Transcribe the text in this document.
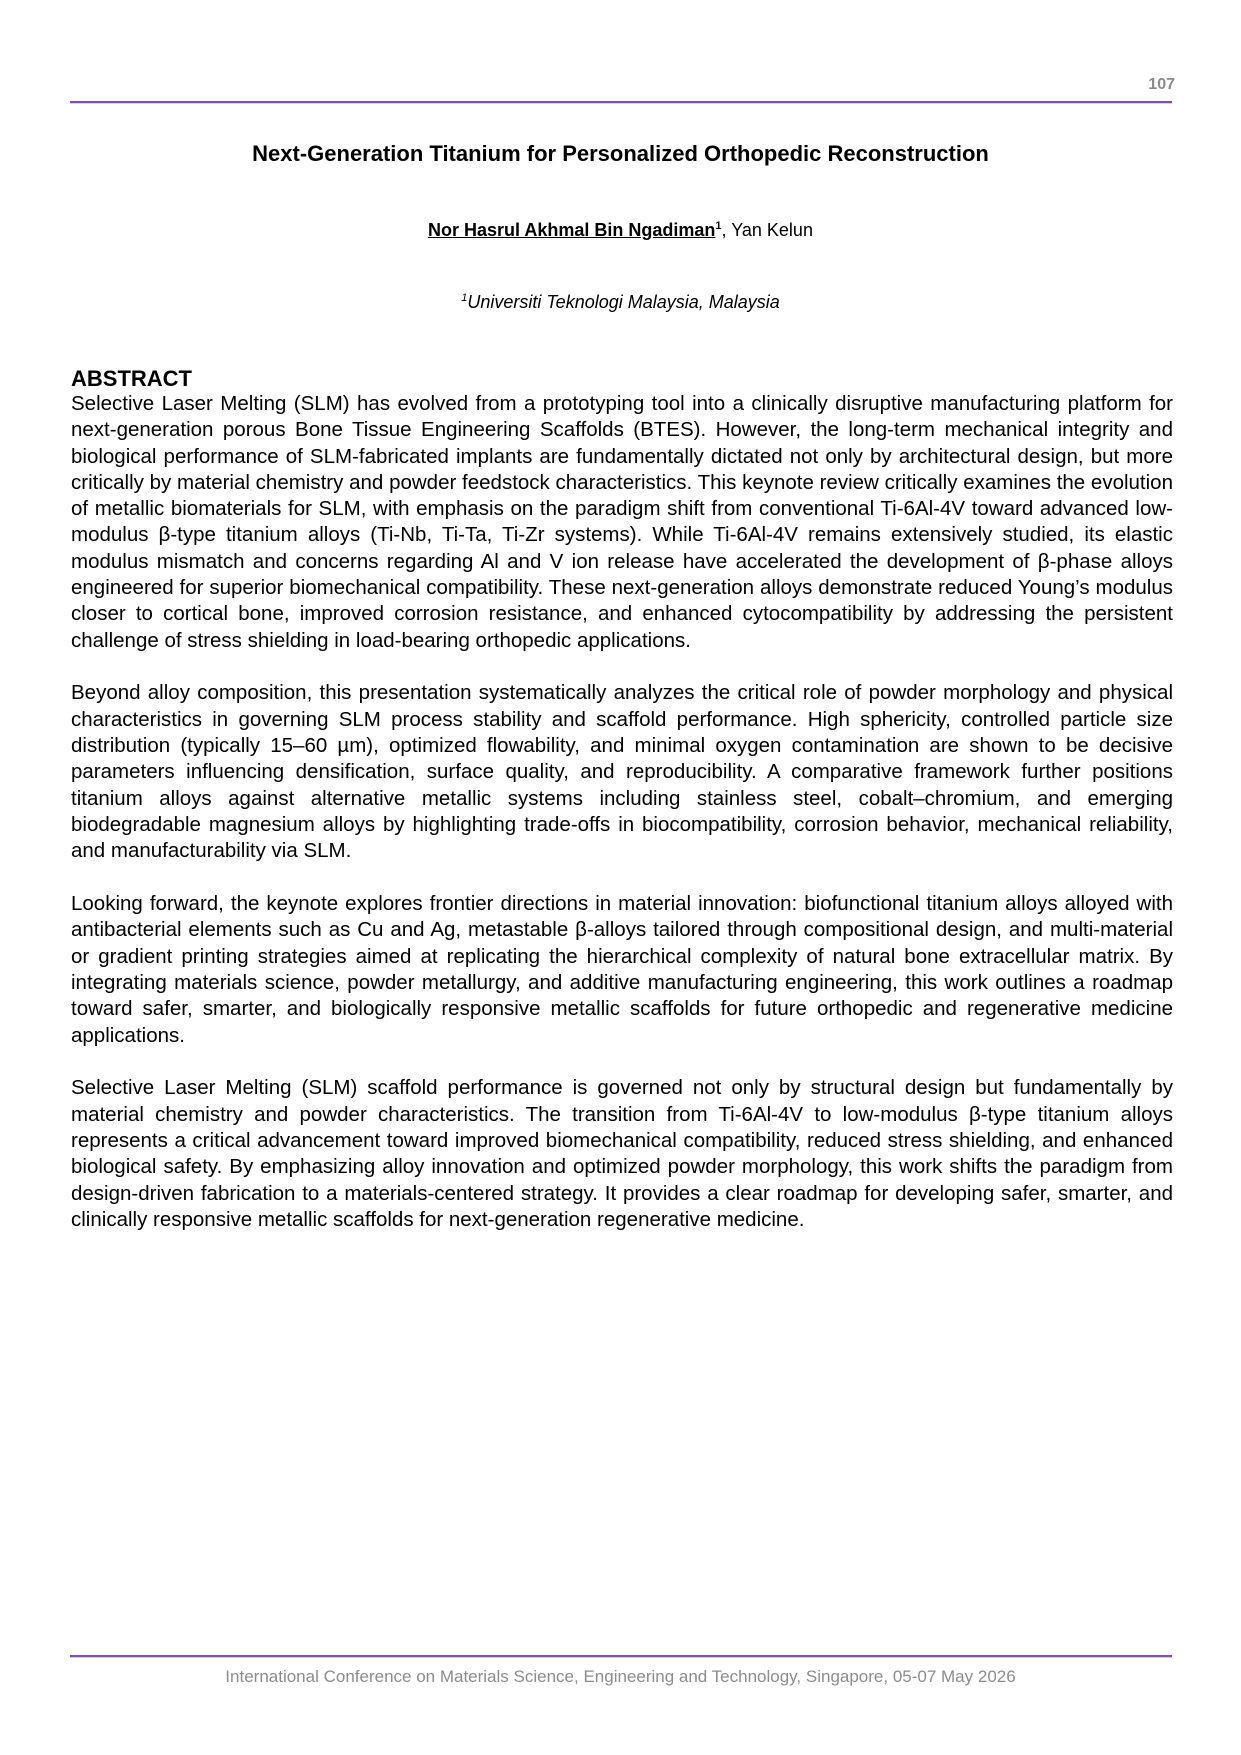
107
Next-Generation Titanium for Personalized Orthopedic Reconstruction
Nor Hasrul Akhmal Bin Ngadiman$^1$, Yan Kelun
$^1$Universiti Teknologi Malaysia, Malaysia
ABSTRACT

Selective Laser Melting (SLM) has evolved from a prototyping tool into a clinically disruptive manufacturing platform for next-generation porous Bone Tissue Engineering Scaffolds (BTES). However, the long-term mechanical integrity and biological performance of SLM-fabricated implants are fundamentally dictated not only by architectural design, but more critically by material chemistry and powder feedstock characteristics. This keynote review critically examines the evolution of metallic biomaterials for SLM, with emphasis on the paradigm shift from conventional Ti-6Al-4V toward advanced low-modulus β-type titanium alloys (Ti-Nb, Ti-Ta, Ti-Zr systems). While Ti-6Al-4V remains extensively studied, its elastic modulus mismatch and concerns regarding Al and V ion release have accelerated the development of β-phase alloys engineered for superior biomechanical compatibility. These next-generation alloys demonstrate reduced Young’s modulus closer to cortical bone, improved corrosion resistance, and enhanced cytocompatibility by addressing the persistent challenge of stress shielding in load-bearing orthopedic applications.

Beyond alloy composition, this presentation systematically analyzes the critical role of powder morphology and physical characteristics in governing SLM process stability and scaffold performance. High sphericity, controlled particle size distribution (typically 15–60 µm), optimized flowability, and minimal oxygen contamination are shown to be decisive parameters influencing densification, surface quality, and reproducibility. A comparative framework further positions titanium alloys against alternative metallic systems including stainless steel, cobalt–chromium, and emerging biodegradable magnesium alloys by highlighting trade-offs in biocompatibility, corrosion behavior, mechanical reliability, and manufacturability via SLM.

Looking forward, the keynote explores frontier directions in material innovation: biofunctional titanium alloys alloyed with antibacterial elements such as Cu and Ag, metastable β-alloys tailored through compositional design, and multi-material or gradient printing strategies aimed at replicating the hierarchical complexity of natural bone extracellular matrix. By integrating materials science, powder metallurgy, and additive manufacturing engineering, this work outlines a roadmap toward safer, smarter, and biologically responsive metallic scaffolds for future orthopedic and regenerative medicine applications.

Selective Laser Melting (SLM) scaffold performance is governed not only by structural design but fundamentally by material chemistry and powder characteristics. The transition from Ti-6Al-4V to low-modulus β-type titanium alloys represents a critical advancement toward improved biomechanical compatibility, reduced stress shielding, and enhanced biological safety. By emphasizing alloy innovation and optimized powder morphology, this work shifts the paradigm from design-driven fabrication to a materials-centered strategy. It provides a clear roadmap for developing safer, smarter, and clinically responsive metallic scaffolds for next-generation regenerative medicine.

International Conference on Materials Science, Engineering and Technology, Singapore, 05-07 May 2026
